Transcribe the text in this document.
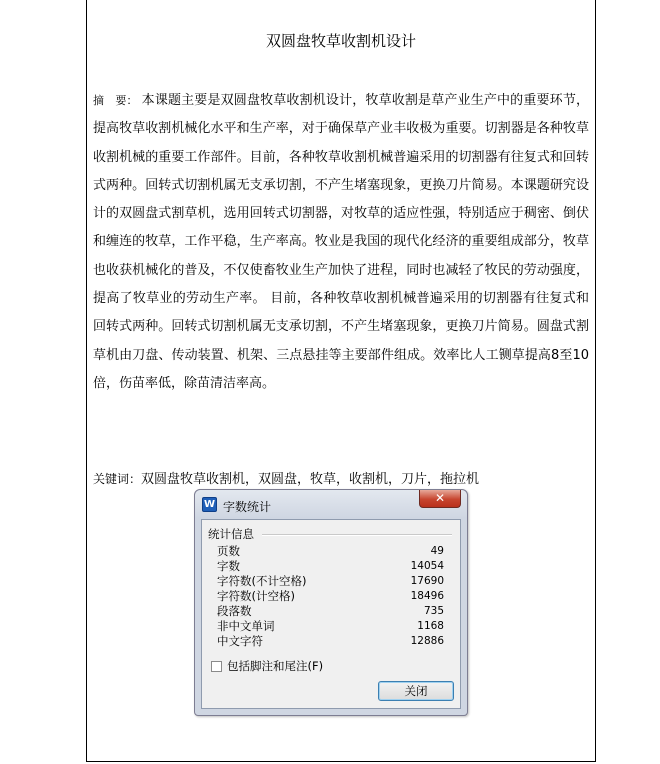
双圆盘牧草收割机设计
摘　要： 本课题主要是双圆盘牧草收割机设计，牧草收割是草产业生产中的重要环节，提高牧草收割机械化水平和生产率，对于确保草产业丰收极为重要。切割器是各种牧草收割机械的重要工作部件。目前，各种牧草收割机械普遍采用的切割器有往复式和回转式两种。回转式切割机属无支承切割，不产生堵塞现象，更换刀片简易。本课题研究设计的双圆盘式割草机，选用回转式切割器，对牧草的适应性强，特别适应于稠密、倒伏和缠连的牧草，工作平稳，生产率高。牧业是我国的现代化经济的重要组成部分，牧草也收获机械化的普及，不仅使畜牧业生产加快了进程，同时也减轻了牧民的劳动强度，提高了牧草业的劳动生产率。 目前，各种牧草收割机械普遍采用的切割器有往复式和回转式两种。回转式切割机属无支承切割，不产生堵塞现象，更换刀片简易。圆盘式割草机由刀盘、传动装置、机架、三点悬挂等主要部件组成。效率比人工铡草提高8至10倍，伤苗率低，除苗清洁率高。
关键词：双圆盘牧草收割机，双圆盘，牧草，收割机，刀片，拖拉机
W 字数统计
✕
统计信息
页数	49
字数	14054
字符数(不计空格)	17690
字符数(计空格)	18496
段落数	735
非中文单词	1168
中文字符	12886
包括脚注和尾注(F)
关闭
